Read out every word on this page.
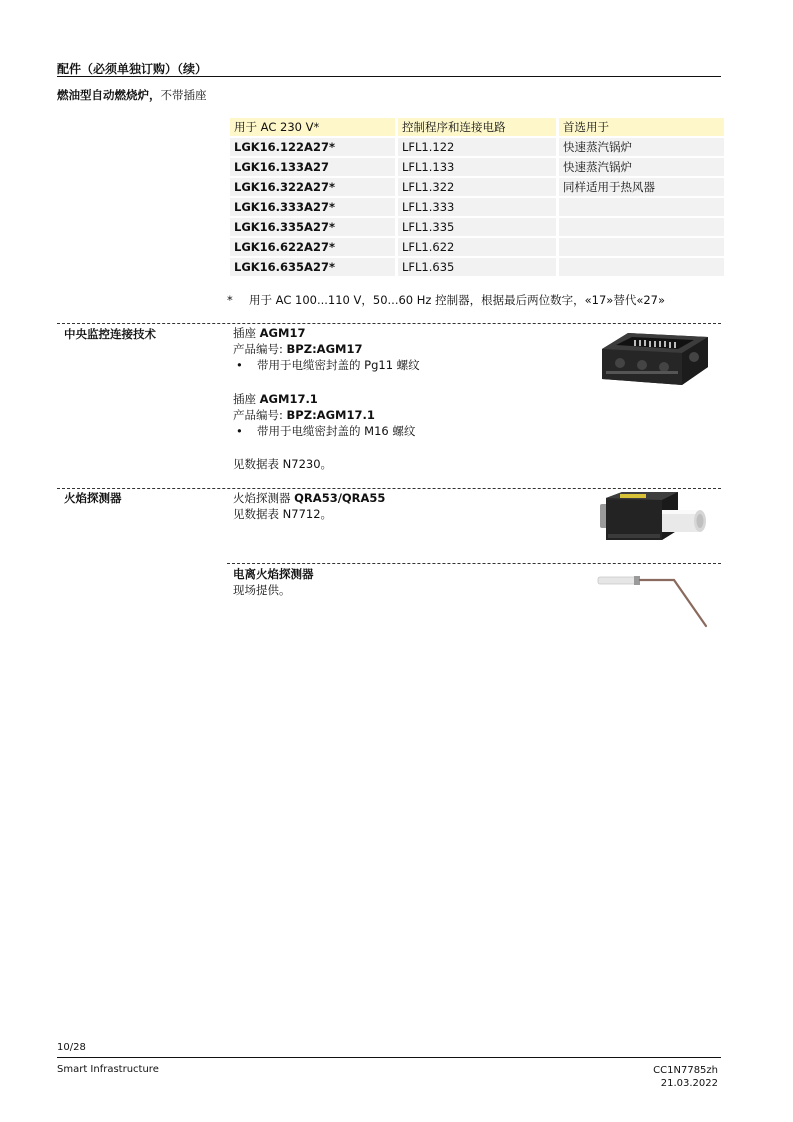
配件（必须单独订购）（续）
燃油型自动燃烧炉，不带插座
用于 AC 230 V*	控制程序和连接电路	首选用于
LGK16.122A27*	LFL1.122	快速蒸汽锅炉
LGK16.133A27	LFL1.133	快速蒸汽锅炉
LGK16.322A27*	LFL1.322	同样适用于热风器
LGK16.333A27*	LFL1.333	
LGK16.335A27*	LFL1.335	
LGK16.622A27*	LFL1.622	
LGK16.635A27*	LFL1.635	
* 用于 AC 100...110 V，50...60 Hz 控制器，根据最后两位数字，«17»替代«27»
中央监控连接技术	插座 AGM17
产品编号: BPZ:AGM17
• 带用于电缆密封盖的 Pg11 螺纹
插座 AGM17.1
产品编号: BPZ:AGM17.1
• 带用于电缆密封盖的 M16 螺纹
见数据表 N7230。
火焰探测器	火焰探测器 QRA53/QRA55
见数据表 N7712。
电离火焰探测器
现场提供。
10/28
Smart Infrastructure	CC1N7785zh
21.03.2022
